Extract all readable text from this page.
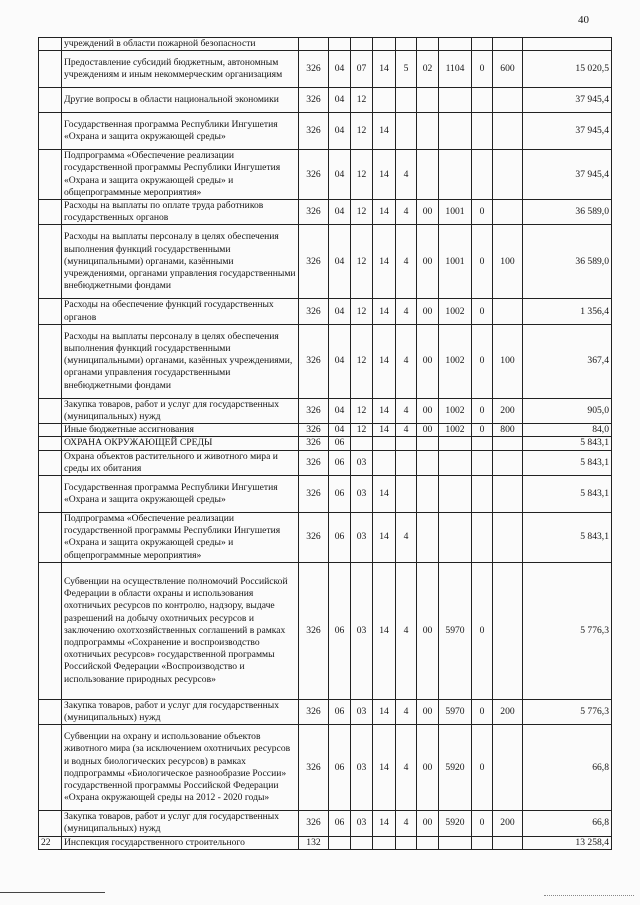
40
	учреждений в области пожарной безопасности										
	Предоставление субсидий бюджетным, автономным учреждениям и иным некоммерческим организациям	326	04	07	14	5	02	1104	0	600	15 020,5
	Другие вопросы в области национальной экономики	326	04	12							37 945,4
	Государственная программа Республики Ингушетия «Охрана и защита окружающей среды»	326	04	12	14						37 945,4
	Подпрограмма «Обеспечение реализации государственной программы Республики Ингушетия «Охрана и защита окружающей среды» и общепрограммные мероприятия»	326	04	12	14	4					37 945,4
	Расходы на выплаты по оплате труда работников государственных органов	326	04	12	14	4	00	1001	0		36 589,0
	Расходы на выплаты персоналу в целях обеспечения выполнения функций государственными (муниципальными) органами, казёнными учреждениями, органами управления государственными внебюджетными фондами	326	04	12	14	4	00	1001	0	100	36 589,0
	Расходы на обеспечение функций государственных органов	326	04	12	14	4	00	1002	0		1 356,4
	Расходы на выплаты персоналу в целях обеспечения выполнения функций государственными (муниципальными) органами, казённых учреждениями, органами управления государственными внебюджетными фондами	326	04	12	14	4	00	1002	0	100	367,4
	Закупка товаров, работ и услуг для государственных (муниципальных) нужд	326	04	12	14	4	00	1002	0	200	905,0
	Иные бюджетные ассигнования	326	04	12	14	4	00	1002	0	800	84,0
	ОХРАНА ОКРУЖАЮЩЕЙ СРЕДЫ	326	06								5 843,1
	Охрана объектов растительного и животного мира и среды их обитания	326	06	03							5 843,1
	Государственная программа Республики Ингушетия «Охрана и защита окружающей среды»	326	06	03	14						5 843,1
	Подпрограмма «Обеспечение реализации государственной программы Республики Ингушетия «Охрана и защита окружающей среды» и общепрограммные мероприятия»	326	06	03	14	4					5 843,1
	Субвенции на осуществление полномочий Российской Федерации в области охраны и использования охотничьих ресурсов по контролю, надзору, выдаче разрешений на добычу охотничьих ресурсов и заключению охотхозяйственных соглашений в рамках подпрограммы «Сохранение и воспроизводство охотничьих ресурсов» государственной программы Российской Федерации «Воспроизводство и использование природных ресурсов»	326	06	03	14	4	00	5970	0		5 776,3
	Закупка товаров, работ и услуг для государственных (муниципальных) нужд	326	06	03	14	4	00	5970	0	200	5 776,3
	Субвенции на охрану и использование объектов животного мира (за исключением охотничьих ресурсов и водных биологических ресурсов) в рамках подпрограммы «Биологическое разнообразие России» государственной программы Российской Федерации «Охрана окружающей среды на 2012 - 2020 годы»	326	06	03	14	4	00	5920	0		66,8
	Закупка товаров, работ и услуг для государственных (муниципальных) нужд	326	06	03	14	4	00	5920	0	200	66,8
22	Инспекция государственного строительного	132									13 258,4
